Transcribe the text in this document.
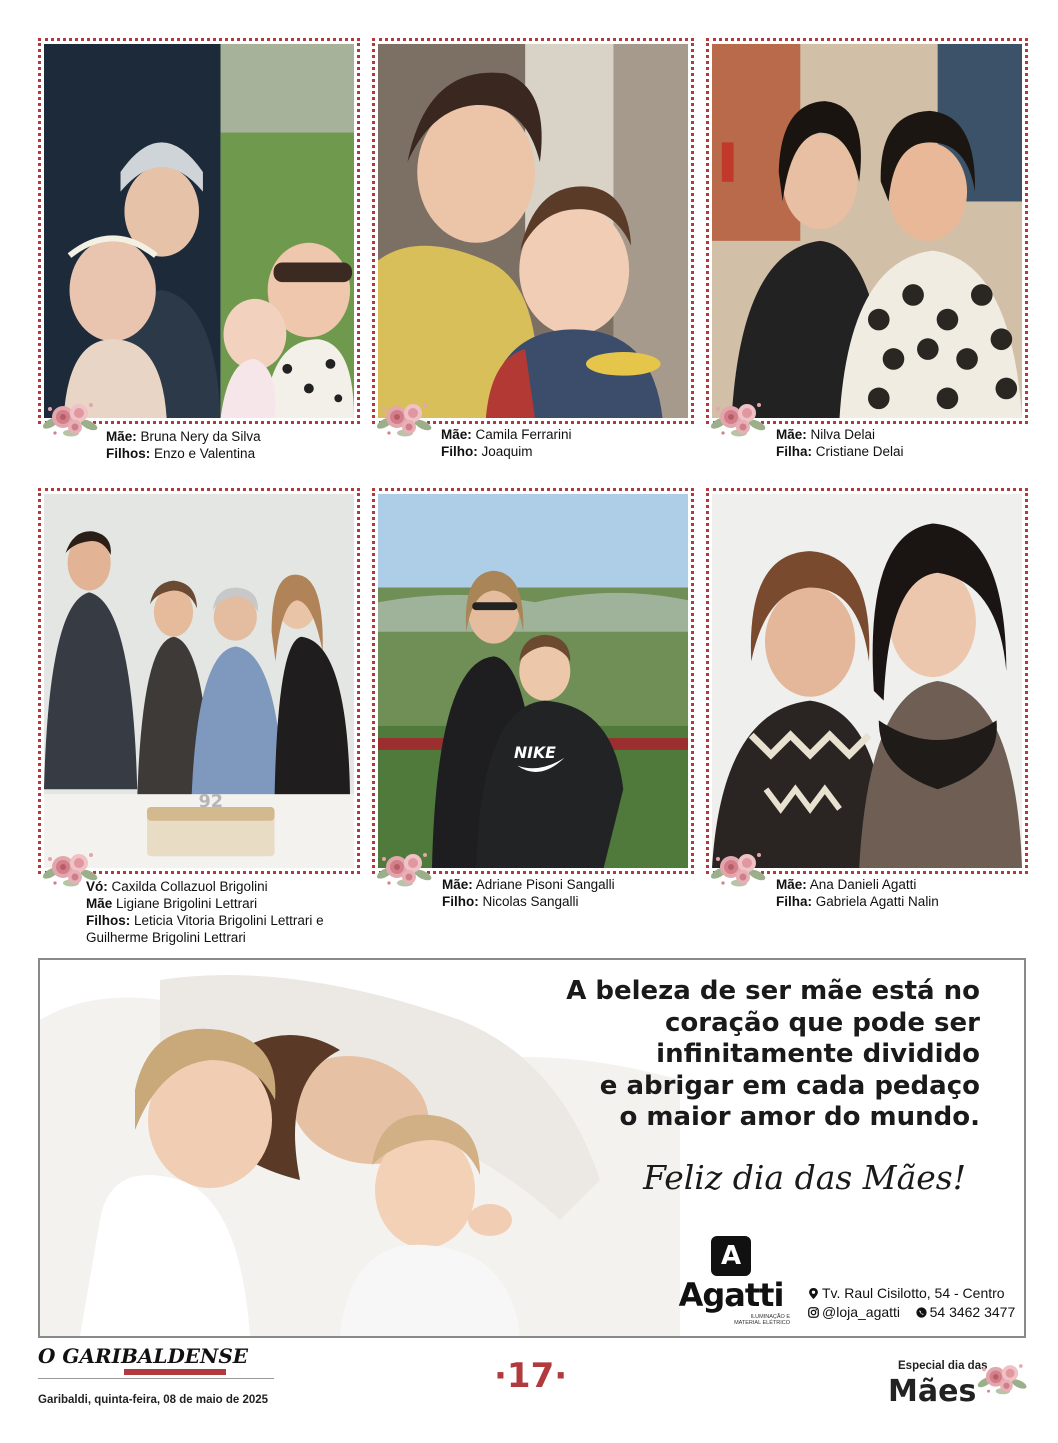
Mãe: Bruna Nery da Silva
Filhos: Enzo e Valentina
Mãe: Camila Ferrarini
Filho: Joaquim
Mãe: Nilva Delai
Filha: Cristiane Delai
92
Vó: Caxilda Collazuol Brigolini
Mãe Ligiane Brigolini Lettrari
Filhos: Leticia Vitoria Brigolini Lettrari e
Guilherme Brigolini Lettrari
NIKE
Mãe: Adriane Pisoni Sangalli
Filho: Nicolas Sangalli
Mãe: Ana Danieli Agatti
Filha: Gabriela Agatti Nalin
A beleza de ser mãe está no
coração que pode ser
infinitamente dividido
e abrigar em cada pedaço
o maior amor do mundo.
Feliz dia das Mães!
A
Agatti
ILUMINAÇÃO E
MATERIAL ELÉTRICO
Tv. Raul Cisilotto, 54 - Centro
@loja_agatti 54 3462 3477
O GARIBALDENSE
Garibaldi, quinta-feira, 08 de maio de 2025
·17·	Especial dia das
Mães
